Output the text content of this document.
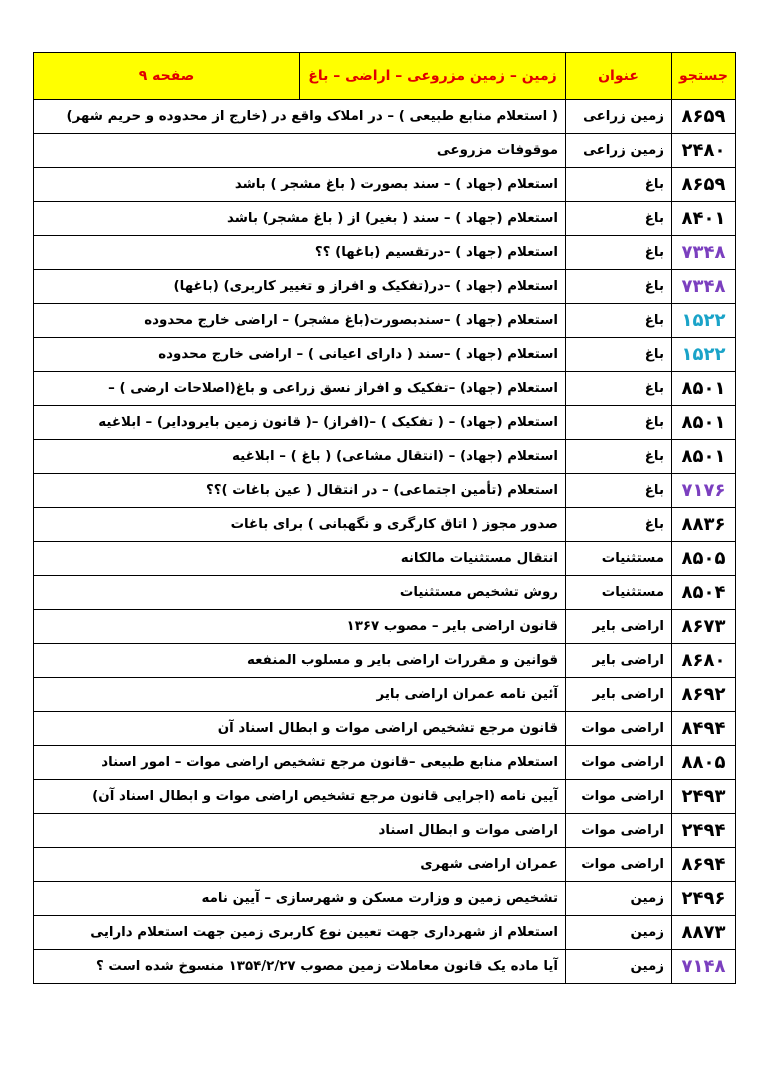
جستجو	عنوان	زمین – زمین مزروعی – اراضی – باغ	صفحه ۹
۸۶۵۹	زمین زراعی	( استعلام منابع طبیعی ) – در املاک واقع در (خارج از محدوده و حریم شهر)	
۲۴۸۰	زمین زراعی	موقوفات مزروعی	
۸۶۵۹	باغ	استعلام (جهاد ) – سند بصورت ( باغ مشجر ) باشد	
۸۴۰۱	باغ	استعلام (جهاد ) – سند ( بغیر) از ( باغ مشجر) باشد	
۷۳۴۸	باغ	استعلام (جهاد ) –درتقسیم (باغها) ؟؟	
۷۳۴۸	باغ	استعلام (جهاد ) –در(تفکیک و افراز و تغییر کاربری) (باغها)	
۱۵۲۲	باغ	استعلام (جهاد ) –سندبصورت(باغ مشجر) – اراضی خارج محدوده	
۱۵۲۲	باغ	استعلام (جهاد ) –سند ( دارای اعیانی ) – اراضی خارج محدوده	
۸۵۰۱	باغ	استعلام (جهاد) –تفکیک و افراز نسق زراعی و باغ(اصلاحات ارضی ) –	
۸۵۰۱	باغ	استعلام (جهاد) – ( تفکیک ) –(افراز) –( قانون زمین بایروداير) – ابلاغیه	
۸۵۰۱	باغ	استعلام (جهاد) – (انتقال مشاعی) ( باغ ) – ابلاغیه	
۷۱۷۶	باغ	استعلام (تأمین اجتماعی) – در انتقال ( عین باغات )؟؟	
۸۸۳۶	باغ	صدور مجوز ( اتاق کارگری و نگهبانی ) برای باغات	
۸۵۰۵	مستثنیات	انتقال مستثنیات مالکانه	
۸۵۰۴	مستثنیات	روش تشخیص مستثنیات	
۸۶۷۳	اراضی بایر	قانون اراضی بایر – مصوب ۱۳۶۷	
۸۶۸۰	اراضی بایر	قوانین و مقررات اراضی بایر و مسلوب المنفعه	
۸۶۹۲	اراضی بایر	آئین نامه عمران اراضی بایر	
۸۴۹۴	اراضی موات	قانون مرجع تشخیص اراضی موات و ابطال اسناد آن	
۸۸۰۵	اراضی موات	استعلام منابع طبیعی –قانون مرجع تشخیص اراضی موات – امور اسناد	
۲۴۹۳	اراضی موات	آیین نامه (اجرایی قانون مرجع تشخیص اراضی موات و ابطال اسناد آن)	
۲۴۹۴	اراضی موات	اراضی موات و ابطال اسناد	
۸۶۹۴	اراضی موات	عمران اراضی شهری	
۲۴۹۶	زمین	تشخیص زمین و وزارت مسکن و شهرسازی – آیین نامه	
۸۸۷۳	زمین	استعلام از شهرداری جهت تعیین نوع کاربری زمین جهت استعلام دارایی	
۷۱۴۸	زمین	آیا ماده یک قانون معاملات زمین مصوب ۱۳۵۴/۲/۲۷ منسوخ شده است ؟	
